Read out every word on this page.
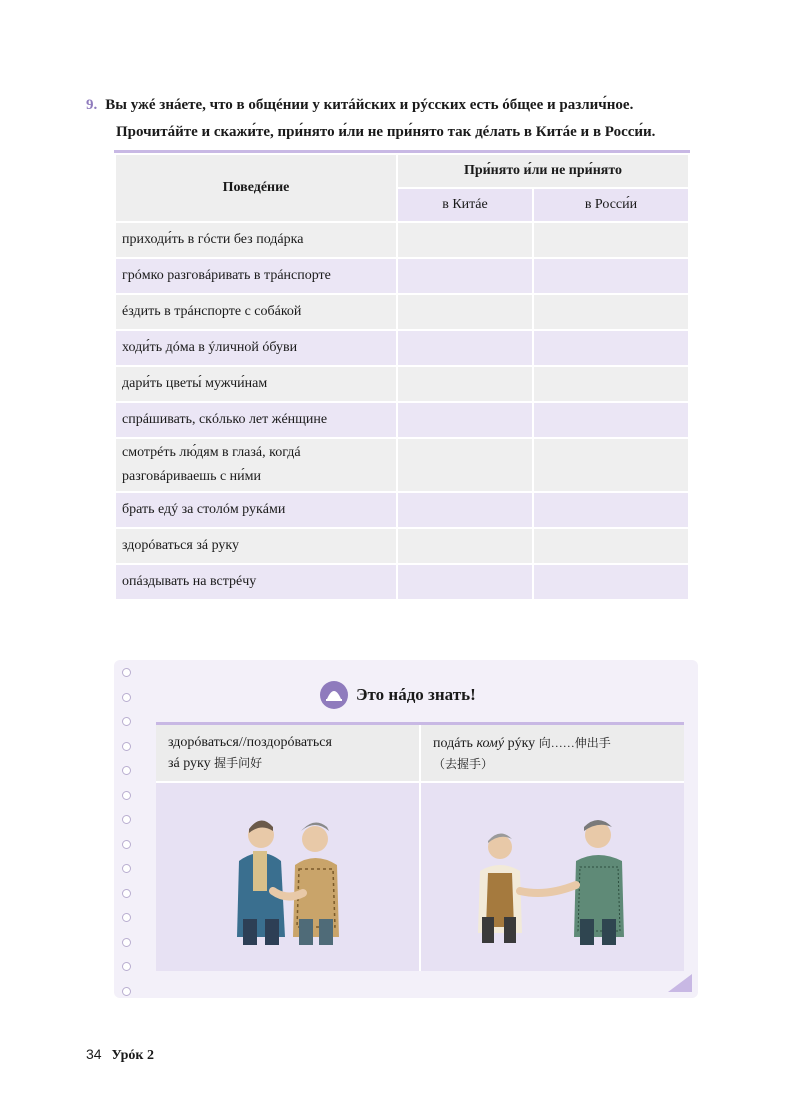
9. Вы ужé знáете, что в общéнии у китáйских и рýсских есть óбщее и различ́ное.
Прочитáйте и скажи́те, при́нято и́ли не при́нято так дéлать в Китáе и в Росси́и.
Поведéние	При́нято и́ли не при́нято	
	в Китáе	в Росси́и
приходи́ть в гóсти без подáрка		
грóмко разговáривать в трáнспорте		
éздить в трáнспорте с собáкой		
ходи́ть дóма в ýличной óбуви		
дари́ть цветы́ мужчи́нам		
спрáшивать, скóлько лет жéнщине		
смотрéть лю́дям в глазá, когдá
разговáриваешь с ни́ми		
брать едý за столóм рукáми		
здорóваться зá руку		
опáздывать на встрéчу		
Это нáдо знать!
здорóваться//поздорóваться
зá руку 握手问好
подáть комý рýку 向……伸出手
（去握手）
34 Урóк 2
